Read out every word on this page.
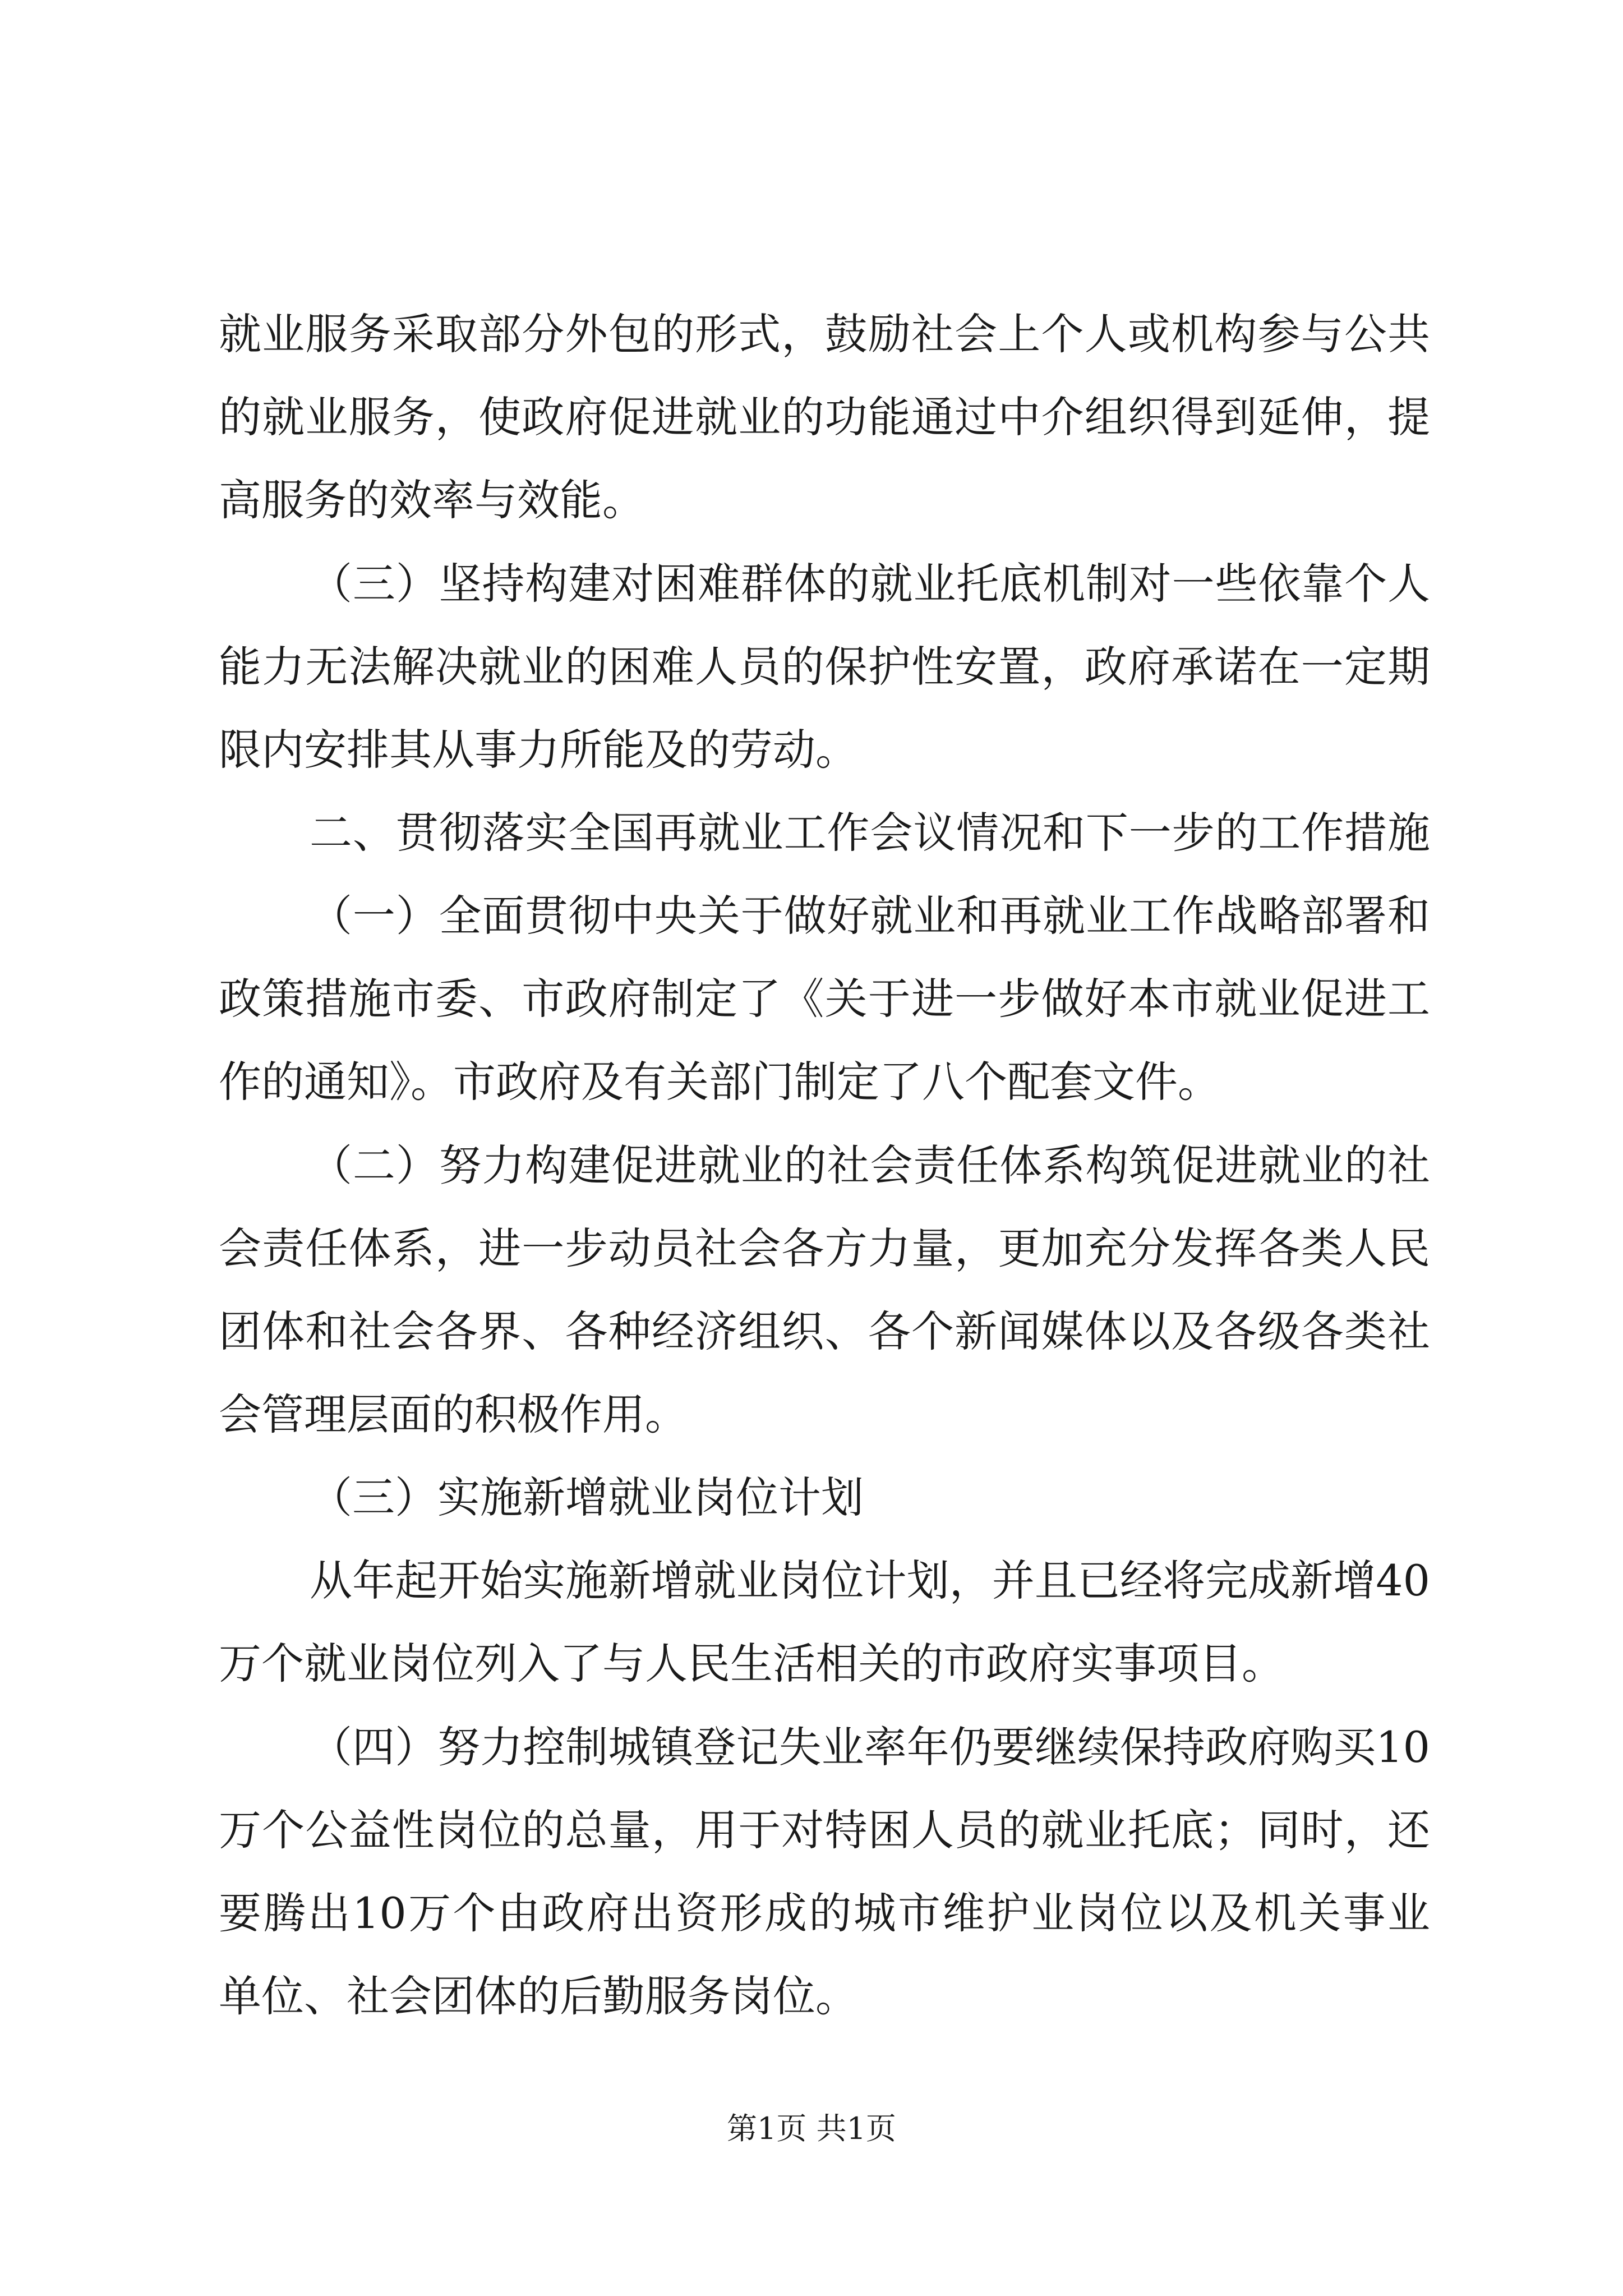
就业服务采取部分外包的形式，鼓励社会上个人或机构参与公共
的就业服务，使政府促进就业的功能通过中介组织得到延伸，提
高服务的效率与效能。
（三）坚持构建对困难群体的就业托底机制对一些依靠个人
能力无法解决就业的困难人员的保护性安置，政府承诺在一定期
限内安排其从事力所能及的劳动。
二、贯彻落实全国再就业工作会议情况和下一步的工作措施
（一）全面贯彻中央关于做好就业和再就业工作战略部署和
政策措施市委、市政府制定了《关于进一步做好本市就业促进工
作的通知》。市政府及有关部门制定了八个配套文件。
（二）努力构建促进就业的社会责任体系构筑促进就业的社
会责任体系，进一步动员社会各方力量，更加充分发挥各类人民
团体和社会各界、各种经济组织、各个新闻媒体以及各级各类社
会管理层面的积极作用。
（三）实施新增就业岗位计划
从年起开始实施新增就业岗位计划，并且已经将完成新增40
万个就业岗位列入了与人民生活相关的市政府实事项目。
（四）努力控制城镇登记失业率年仍要继续保持政府购买10
万个公益性岗位的总量，用于对特困人员的就业托底；同时，还
要腾出10万个由政府出资形成的城市维护业岗位以及机关事业
单位、社会团体的后勤服务岗位。
第1页 共1页
